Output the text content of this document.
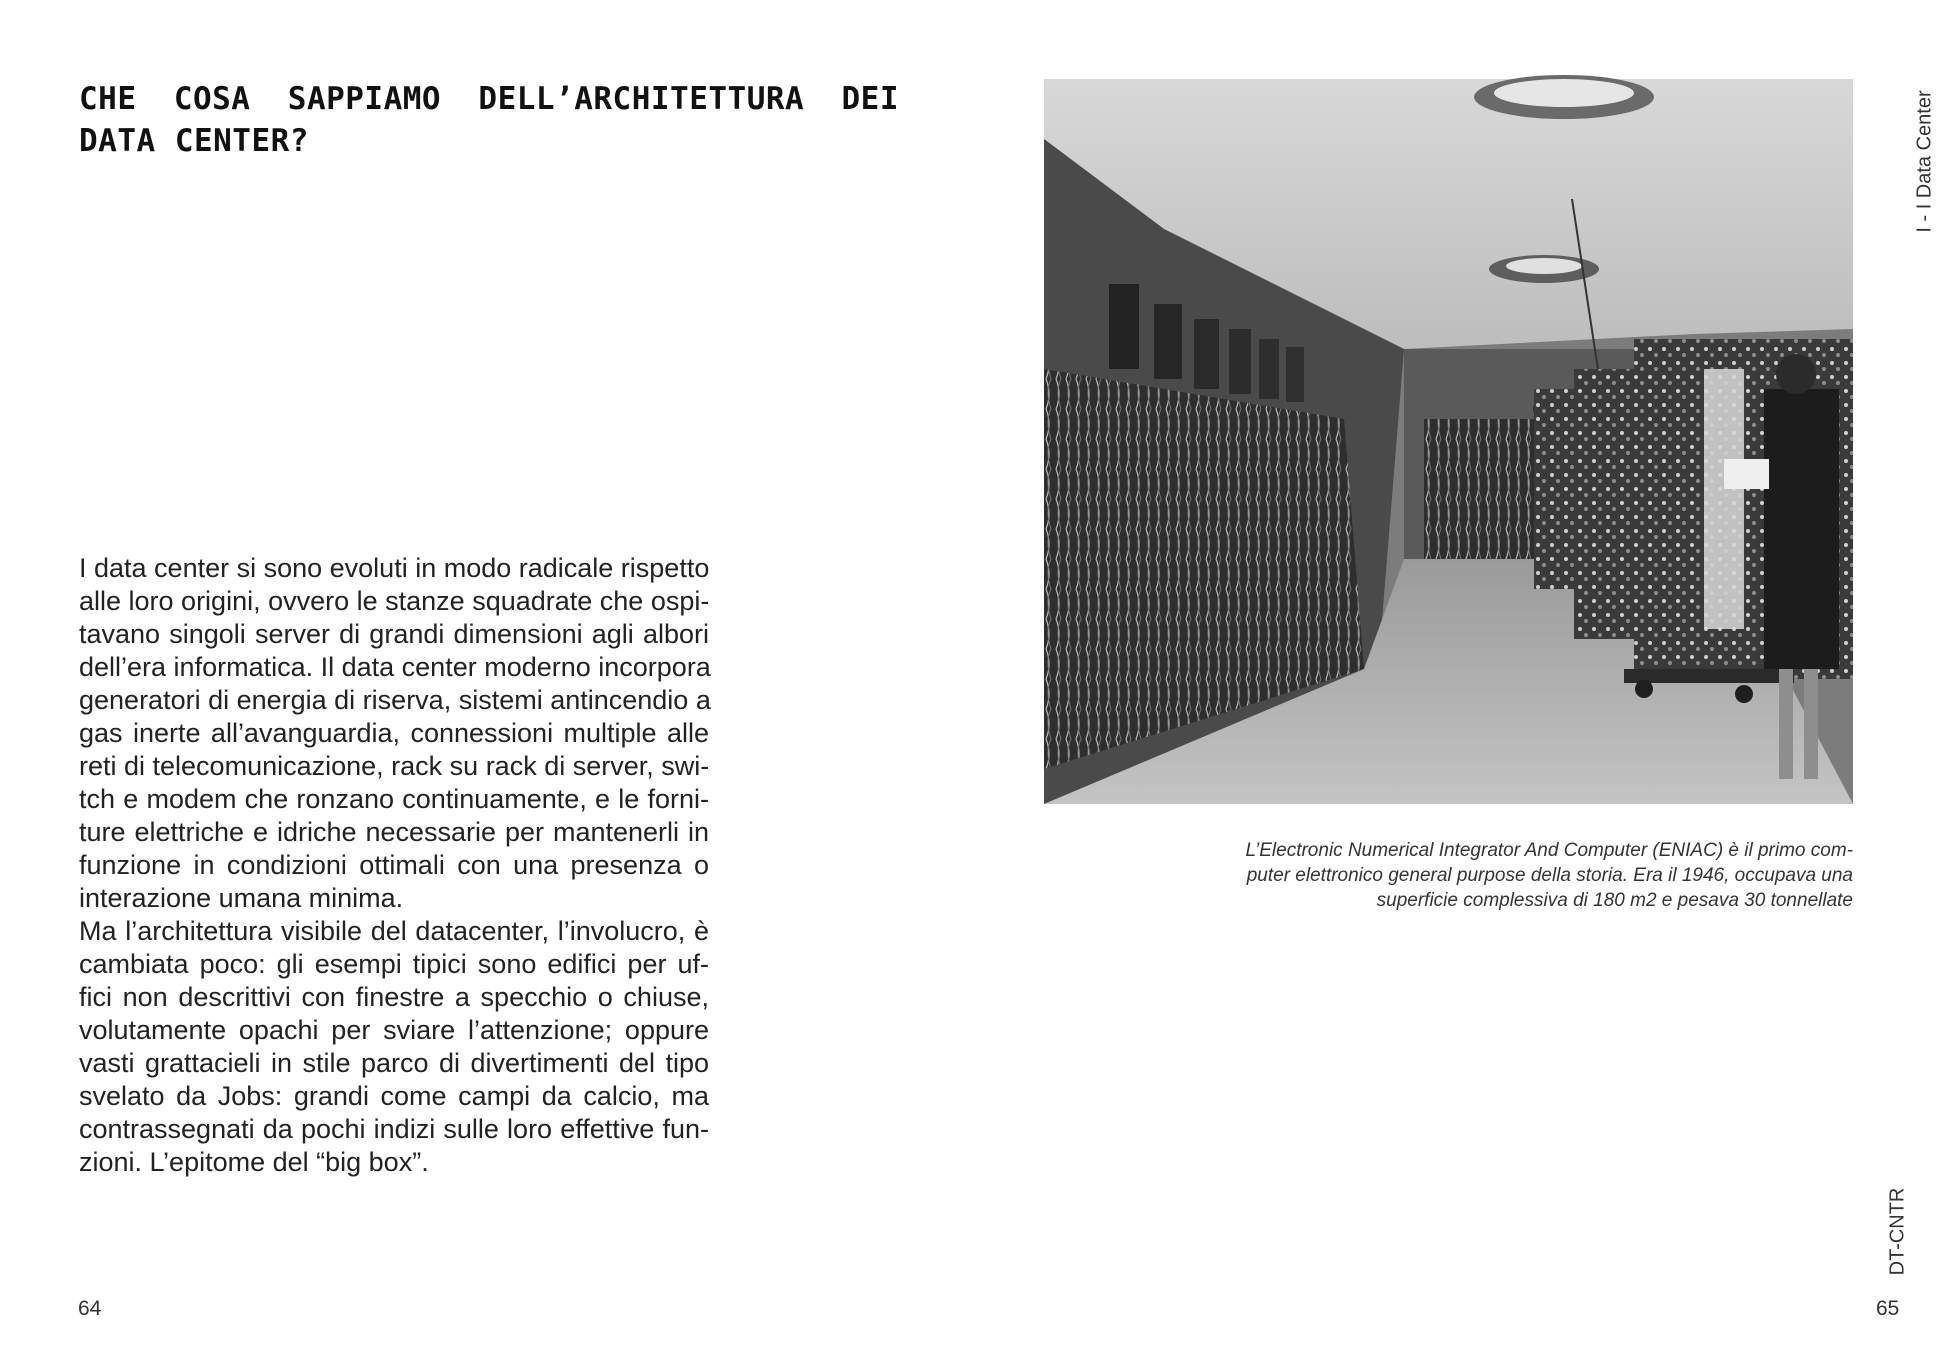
CHE COSA SAPPIAMO DELL’ARCHITETTURA DEI
DATA CENTER?

I data center si sono evoluti in modo radicale rispetto
alle loro origini, ovvero le stanze squadrate che ospi-
tavano singoli server di grandi dimensioni agli albori
dell’era informatica. Il data center moderno incorpora
generatori di energia di riserva, sistemi antincendio a
gas inerte all’avanguardia, connessioni multiple alle
reti di telecomunicazione, rack su rack di server, swi-
tch e modem che ronzano continuamente, e le forni-
ture elettriche e idriche necessarie per mantenerli in
funzione in condizioni ottimali con una presenza o
interazione umana minima.
Ma l’architettura visibile del datacenter, l’involucro, è
cambiata poco: gli esempi tipici sono edifici per uf-
fici non descrittivi con finestre a specchio o chiuse,
volutamente opachi per sviare l’attenzione; oppure
vasti grattacieli in stile parco di divertimenti del tipo
svelato da Jobs: grandi come campi da calcio, ma
contrassegnati da pochi indizi sulle loro effettive fun-
zioni. L’epitome del “big box”.

L’Electronic Numerical Integrator And Computer (ENIAC) è il primo com-
puter elettronico general purpose della storia. Era il 1946, occupava una
superficie complessiva di 180 m2 e pesava 30 tonnellate

I - I Data Center
DT-CNTR
64	65
